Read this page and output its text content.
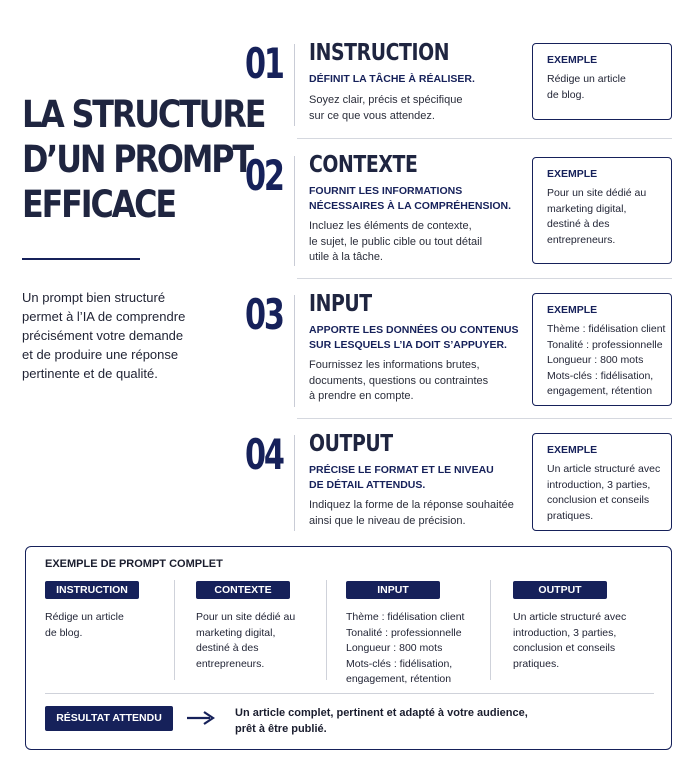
LA STRUCTURE
D’UN PROMPT
EFFICACE
Un prompt bien structuré
permet à l’IA de comprendre
précisément votre demande
et de produire une réponse
pertinente et de qualité.
01 INSTRUCTION
DÉFINIT LA TÂCHE À RÉALISER.
Soyez clair, précis et spécifique
sur ce que vous attendez.
EXEMPLE
Rédige un article
de blog.
02 CONTEXTE
FOURNIT LES INFORMATIONS
NÉCESSAIRES À LA COMPRÉHENSION.
Incluez les éléments de contexte,
le sujet, le public cible ou tout détail
utile à la tâche.
EXEMPLE
Pour un site dédié au
marketing digital,
destiné à des
entrepreneurs.
03 INPUT
APPORTE LES DONNÉES OU CONTENUS
SUR LESQUELS L’IA DOIT S’APPUYER.
Fournissez les informations brutes,
documents, questions ou contraintes
à prendre en compte.
EXEMPLE
Thème : fidélisation client
Tonalité : professionnelle
Longueur : 800 mots
Mots-clés : fidélisation,
engagement, rétention
04 OUTPUT
PRÉCISE LE FORMAT ET LE NIVEAU
DE DÉTAIL ATTENDUS.
Indiquez la forme de la réponse souhaitée
ainsi que le niveau de précision.
EXEMPLE
Un article structuré avec
introduction, 3 parties,
conclusion et conseils
pratiques.
EXEMPLE DE PROMPT COMPLET
INSTRUCTION
Rédige un article
de blog.
CONTEXTE
Pour un site dédié au
marketing digital,
destiné à des
entrepreneurs.
INPUT
Thème : fidélisation client
Tonalité : professionnelle
Longueur : 800 mots
Mots-clés : fidélisation,
engagement, rétention
OUTPUT
Un article structuré avec
introduction, 3 parties,
conclusion et conseils
pratiques.
RÉSULTAT ATTENDU	Un article complet, pertinent et adapté à votre audience,
prêt à être publié.
